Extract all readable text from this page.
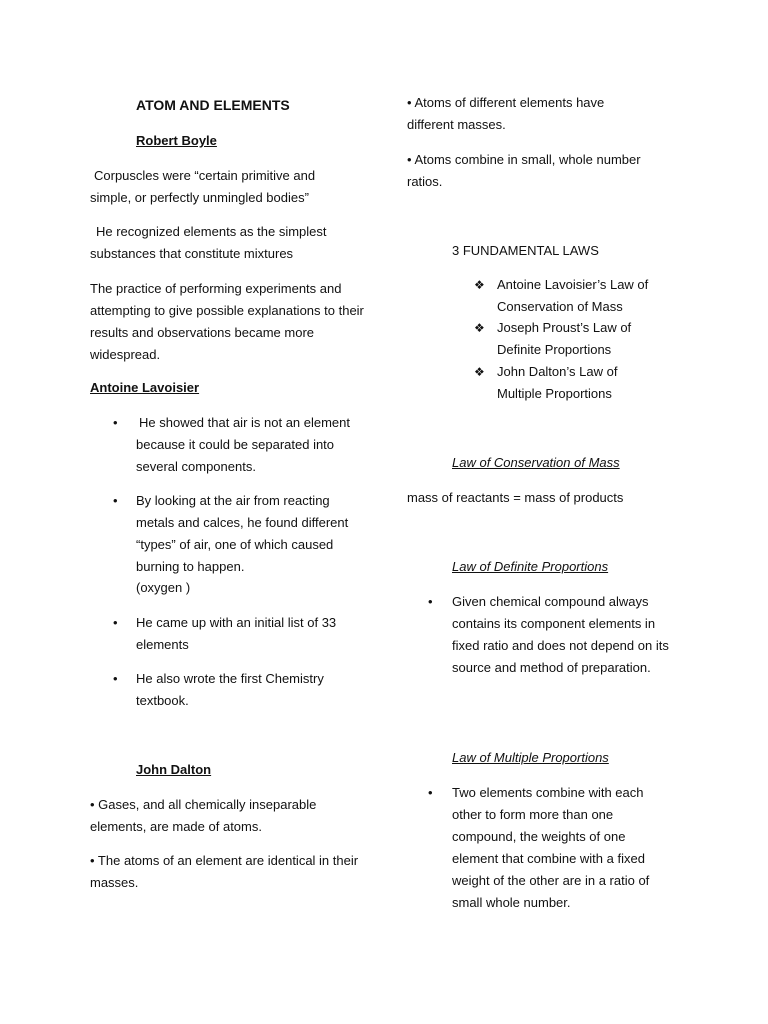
ATOM AND ELEMENTS
Robert Boyle

Corpuscles were “certain primitive and simple, or perfectly unmingled bodies”

He recognized elements as the simplest substances that constitute mixtures

The practice of performing experiments and attempting to give possible explanations to their results and observations became more widespread.

Antoine Lavoisier
•	He showed that air is not an element because it could be separated into several components.
•	By looking at the air from reacting metals and calces, he found different “types” of air, one of which caused burning to happen.
(oxygen )
•	He came up with an initial list of 33 elements
•	He also wrote the first Chemistry textbook.
John Dalton

• Gases, and all chemically inseparable elements, are made of atoms.

• The atoms of an element are identical in their masses.

• Atoms of different elements have different masses.

• Atoms combine in small, whole number ratios.

3 FUNDAMENTAL LAWS
❖ Antoine Lavoisier’s Law of Conservation of Mass
❖ Joseph Proust’s Law of Definite Proportions
❖ John Dalton’s Law of Multiple Proportions
Law of Conservation of Mass
mass of reactants = mass of products
Law of Definite Proportions
•	Given chemical compound always contains its component elements in fixed ratio and does not depend on its source and method of preparation.
Law of Multiple Proportions
•	Two elements combine with each other to form more than one compound, the weights of one element that combine with a fixed weight of the other are in a ratio of small whole number.
